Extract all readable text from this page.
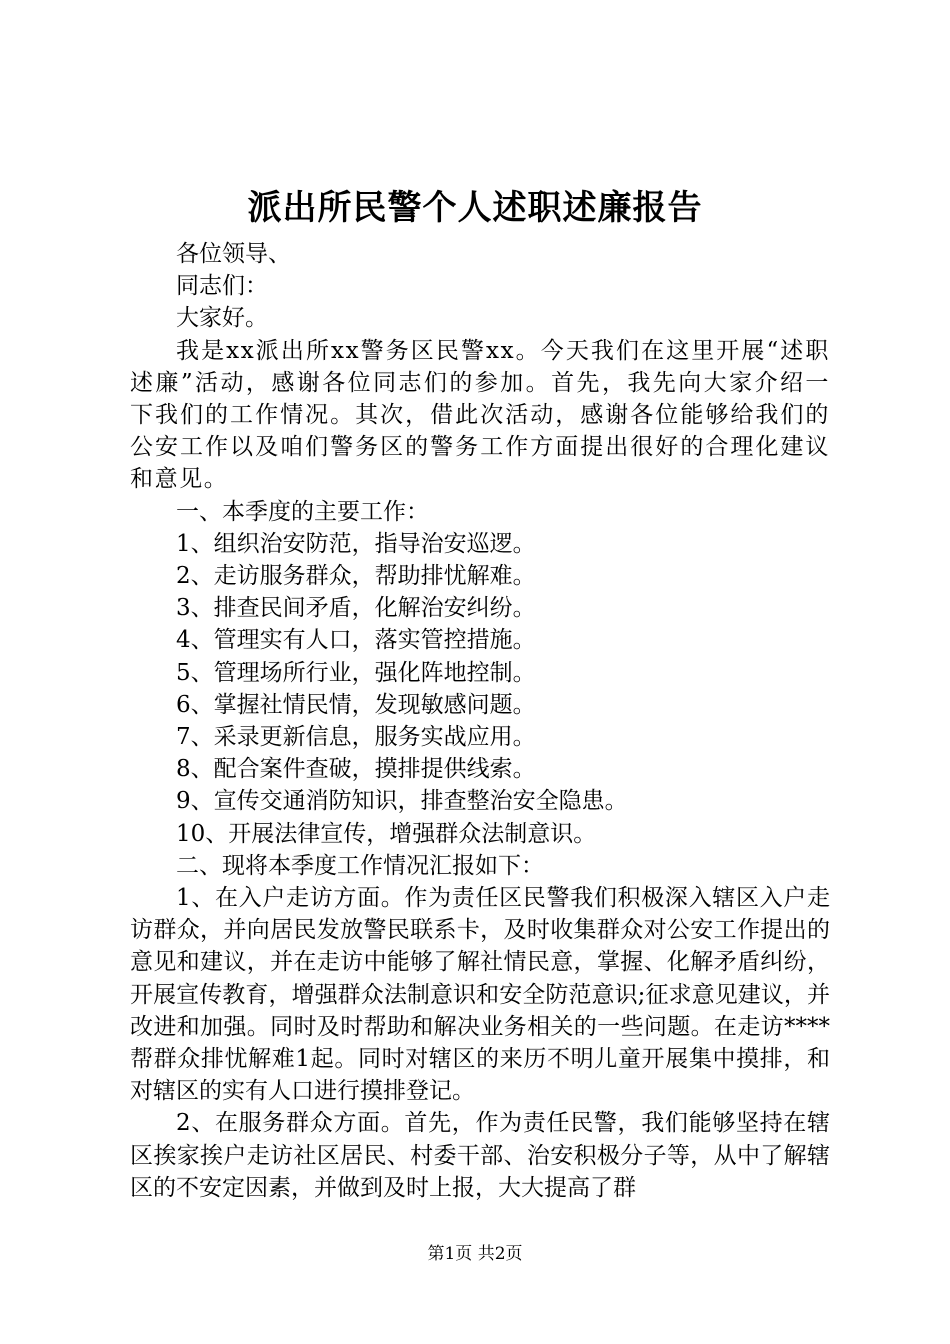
派出所民警个人述职述廉报告

各位领导、

同志们：

大家好。

我是xx派出所xx警务区民警xx。今天我们在这里开展“述职述廉”活动，感谢各位同志们的参加。首先，我先向大家介绍一下我们的工作情况。其次，借此次活动，感谢各位能够给我们的公安工作以及咱们警务区的警务工作方面提出很好的合理化建议和意见。

一、本季度的主要工作：

1、组织治安防范，指导治安巡逻。

2、走访服务群众，帮助排忧解难。

3、排查民间矛盾，化解治安纠纷。

4、管理实有人口，落实管控措施。

5、管理场所行业，强化阵地控制。

6、掌握社情民情，发现敏感问题。

7、采录更新信息，服务实战应用。

8、配合案件查破，摸排提供线索。

9、宣传交通消防知识，排查整治安全隐患。

10、开展法律宣传，增强群众法制意识。

二、现将本季度工作情况汇报如下：

1、在入户走访方面。作为责任区民警我们积极深入辖区入户走访群众，并向居民发放警民联系卡，及时收集群众对公安工作提出的意见和建议，并在走访中能够了解社情民意，掌握、化解矛盾纠纷，开展宣传教育，增强群众法制意识和安全防范意识;征求意见建议，并改进和加强。同时及时帮助和解决业务相关的一些问题。在走访****帮群众排忧解难1起。同时对辖区的来历不明儿童开展集中摸排，和对辖区的实有人口进行摸排登记。

2、在服务群众方面。首先，作为责任民警，我们能够坚持在辖区挨家挨户走访社区居民、村委干部、治安积极分子等，从中了解辖区的不安定因素，并做到及时上报，大大提高了群

第1页 共2页
